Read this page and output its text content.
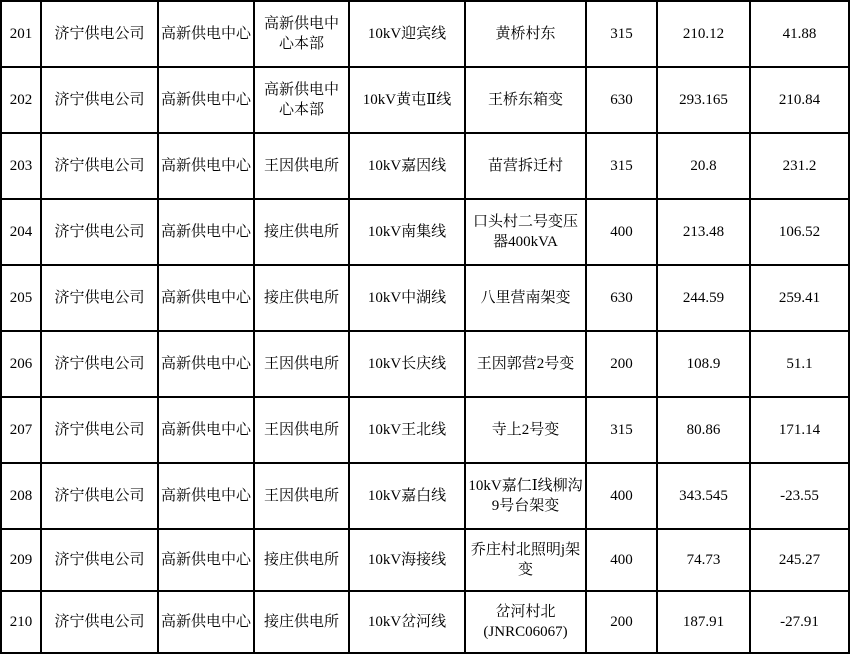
201	济宁供电公司	高新供电中心	高新供电中心本部	10kV迎宾线	黄桥村东	315	210.12	41.88
202	济宁供电公司	高新供电中心	高新供电中心本部	10kV黄屯Ⅱ线	王桥东箱变	630	293.165	210.84
203	济宁供电公司	高新供电中心	王因供电所	10kV嘉因线	苗营拆迁村	315	20.8	231.2
204	济宁供电公司	高新供电中心	接庄供电所	10kV南集线	口头村二号变压器400kVA	400	213.48	106.52
205	济宁供电公司	高新供电中心	接庄供电所	10kV中湖线	八里营南架变	630	244.59	259.41
206	济宁供电公司	高新供电中心	王因供电所	10kV长庆线	王因郭营2号变	200	108.9	51.1
207	济宁供电公司	高新供电中心	王因供电所	10kV王北线	寺上2号变	315	80.86	171.14
208	济宁供电公司	高新供电中心	王因供电所	10kV嘉白线	10kV嘉仁Ⅰ线柳沟9号台架变	400	343.545	-23.55
209	济宁供电公司	高新供电中心	接庄供电所	10kV海接线	乔庄村北照明j架变	400	74.73	245.27
210	济宁供电公司	高新供电中心	接庄供电所	10kV岔河线	岔河村北(JNRC06067)	200	187.91	-27.91
